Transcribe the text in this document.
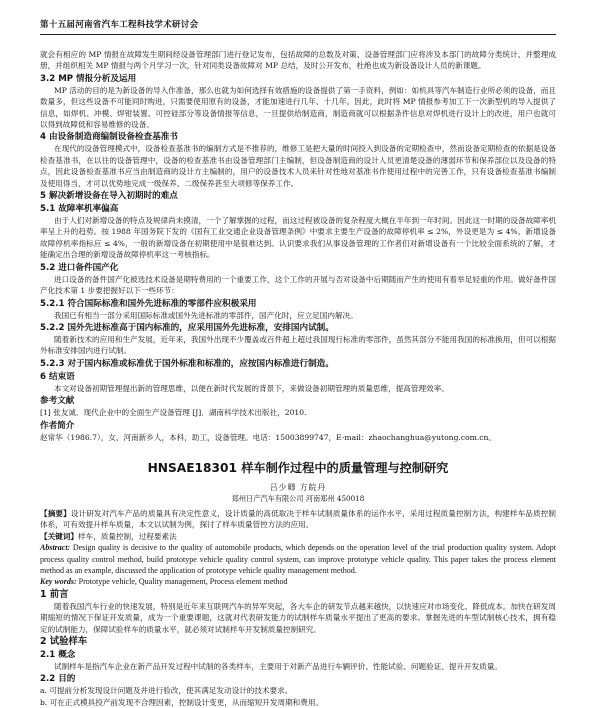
第十五届河南省汽车工程科技学术研讨会

就会有相应的 MP 情报在故障发生期间经设备管理部门进行登记发布，包括故障的总数及对策、设备管理部门应将涉及本部门的故障分类统计、并整理成册，并组织相关 MP 情报与两个月学习一次，针对同类设备故障对 MP 总结，及时公开发布，杜绝也成为新设备设计人员的新课题。

3.2 MP 情报分析及运用

MP 活动的目的是为新设备的导入作准备，那么也就为如何选择有效措施的设备提供了第一手资料，例如：如机具等汽车制造行业所必须的设备，而且数量多，但这些设备不可能同时购进，只需要使用原有的设备，才能加速进行几年、十几年。因此，此时将 MP 情报参考加工下一次新型机的导入提供了信息，如焊机、冲模、焊钳装置、可控硅部分等设备情报等信息，一旦提供给制造商，制造商就可以根据条件信息对焊机进行设计上的改进，用户也就可以得到故障低和容易维修的设备。

4 由设备制造商编制设备检查基准书

在现代的设备管理模式中，设备检查基准书的编制方式是不推荐的，维修工是把大量的时间投入到设备的定期检查中，然而设备定期检查的依据是设备检查基准书，在以往的设备管理中，设备的检查基准书由设备管理部门主编制，但设备制造商的设计人员更清楚设备的薄弱环节和保养部位以及设备的特点，因此设备检查基准书应当由制造商的设计方主编制的，用户的设备技术人员来针对性地对基准书作使用过程中的完善工作，只有设备检查基准书编制及使用得当，才可以优势地完成一级保养、二级保养甚至大项修等保养工作。

5 解决新增设备在导入初期时的难点
5.1 故障率机率偏高

由于人们对新增设备的特点及规律尚未摸清，一个了解掌握的过程，而这过程被设备的复杂程度大概在半年到一年时间。因此这一时期的设备故障率机率呈上升的趋势。按 1988 年国务院下发的《国有工业交通企业设备管理条例》中要求主要生产设备的故障停机率 ≤ 2%，外设更是为 ≤ 4%，新增设备故障停机率指标应 ≤ 4%，一般的新增设备在初期使用中是很难达到。认识要求我们从事设备管理的工作者们对新增设备有一个比较全面系统的了解，才能确定出合理的新增设备故障停机率这一考核指标。

5.2 进口备件国产化

进口设备的备件国产化被选技术设备是期特费用的一个重要工作，这个工作的开展与否对设备中后期随而产生的使用有着举足轻重的作用。做好备件国产化技术第 1 步要把握好以下一些环节：

5.2.1 符合国际标准和国外先进标准的零部件应积极采用

我国已有相当一部分采用国际标准或国外先进标准的零部件，国产化时，应立足国内解决。

5.2.2 国外先进标准高于国内标准的，应采用国外先进标准，安排国内试制。

随着新技术的应用和生产发展，近年来，我国外出现不少覆盖或百件超上超过我国现行标准的零部件，虽然其部分不能用我国的标准换用，但可以根据外标准安排国内进行试制。

5.2.3 对于国内标准或标准优于国外标准和标准的，应按国内标准进行制造。
6 结束语

本文对设备初期管理提出新的管理思维，以便在新时代发展的背景下，来做设备初期管理的质量思维，提高管理效率。

参考文献
[1] 张友诚．现代企业中的全面生产设备管理 [J]．湖南科学技术出版社，2010.
作者简介
赵常华（1986.7），女，河南新乡人，本科，助工，设备管理。电话：15003899747，E-mail：zhaochanghua@yutong.com.cn。
HNSAE18301 样车制作过程中的质量管理与控制研究
吕少卿 方皖丹
郑州日产汽车有限公司 河南郑州 450018

【摘要】设计研发对汽车产品的质量具有决定性意义，设计质量的高低取决于样车试制质量体系的运作水平，采用过程质量控制方法，构建样车品质控制体系，可有效提升样车质量，本文以试制为例，探讨了样车质量管控方法的应用。

【关键词】样车，质量控制，过程要素法

Abstract: Design quality is decisive to the quality of automobile products, which depends on the operation level of the trial production quality system. Adopt process quality control method, build prototype vehicle quality control system, can improve prototype vehicle quality. This paper takes the process element method as an example, discussed the application of prototype vehicle quality management method.

Key words: Prototype vehicle, Quality management, Process element method

1 前言

随着我国汽车行业的快速发展，特别是近年来互联网汽车的异军突起，各大车企的研发节点越来越快，以快速应对市场变化、降低成本。加快在研发周期缩短的情况下保证开发质量，成为一个重要课题，这就对代表研发能力的试制样车质量水平提出了更高的要求。掌握先进的车型试制核心技术，拥有稳定的试制能力，保障试验样车的质量水平，就必须对试制样车开发制质量控制研究。

2 试验样车
2.1 概念

试制样车是指汽车企业在新产品开发过程中试制的各类样车，主要用于对新产品进行车辆评价、性能试验、问题验证、提升开发质量。

2.2 目的

a. 可提前分析发现设计问题及并进行验改，使其满足发动设计的技术要求。

b. 可在正式模具投产前发现不合理因素，控制设计变更，从而缩短开发周期和费用。
